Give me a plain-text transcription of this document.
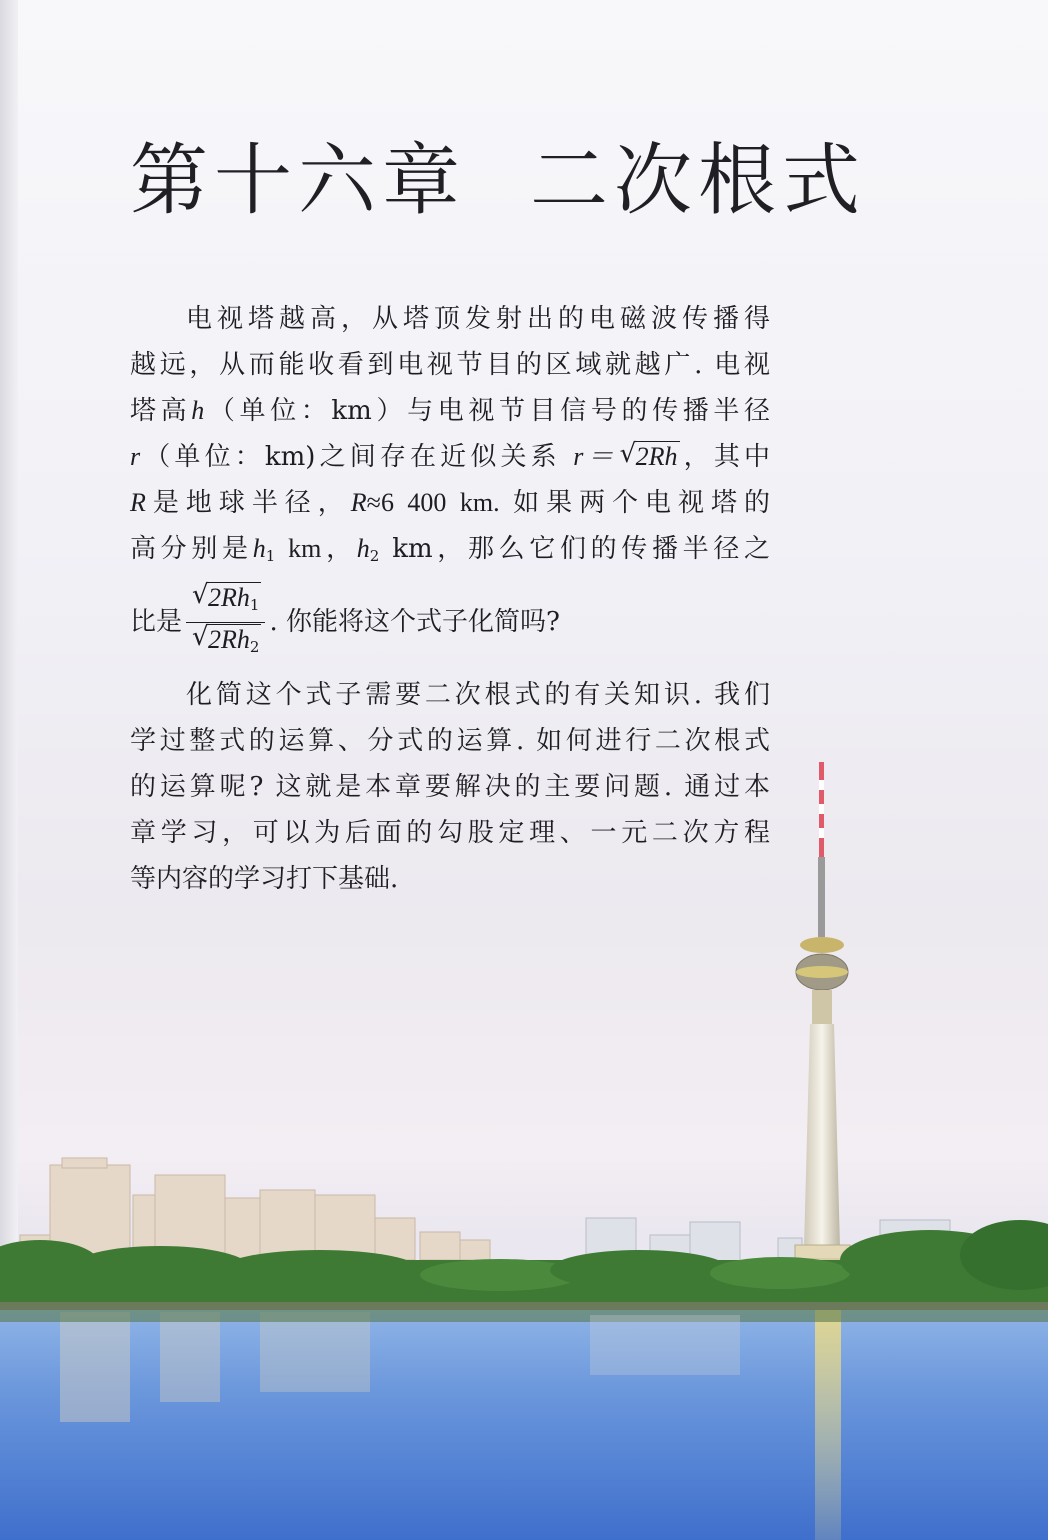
第十六章 二次根式
电视塔越高，从塔顶发射出的电磁波传播得
越远，从而能收看到电视节目的区域就越广. 电视
塔高h（单位：km）与电视节目信号的传播半径
r（单位：km)之间存在近似关系 r＝ √ 2Rh，其中
R是地球半径，R≈6 400 km. 如果两个电视塔的
高分别是$h_1$ km，$h_2$ km，那么它们的传播半径之
比是 $\frac{√ 2Rh_1}{√ 2Rh_2}$ . 你能将这个式子化简吗?
化简这个式子需要二次根式的有关知识. 我们
学过整式的运算、分式的运算. 如何进行二次根式
的运算呢? 这就是本章要解决的主要问题. 通过本
章学习，可以为后面的勾股定理、一元二次方程
等内容的学习打下基础.
